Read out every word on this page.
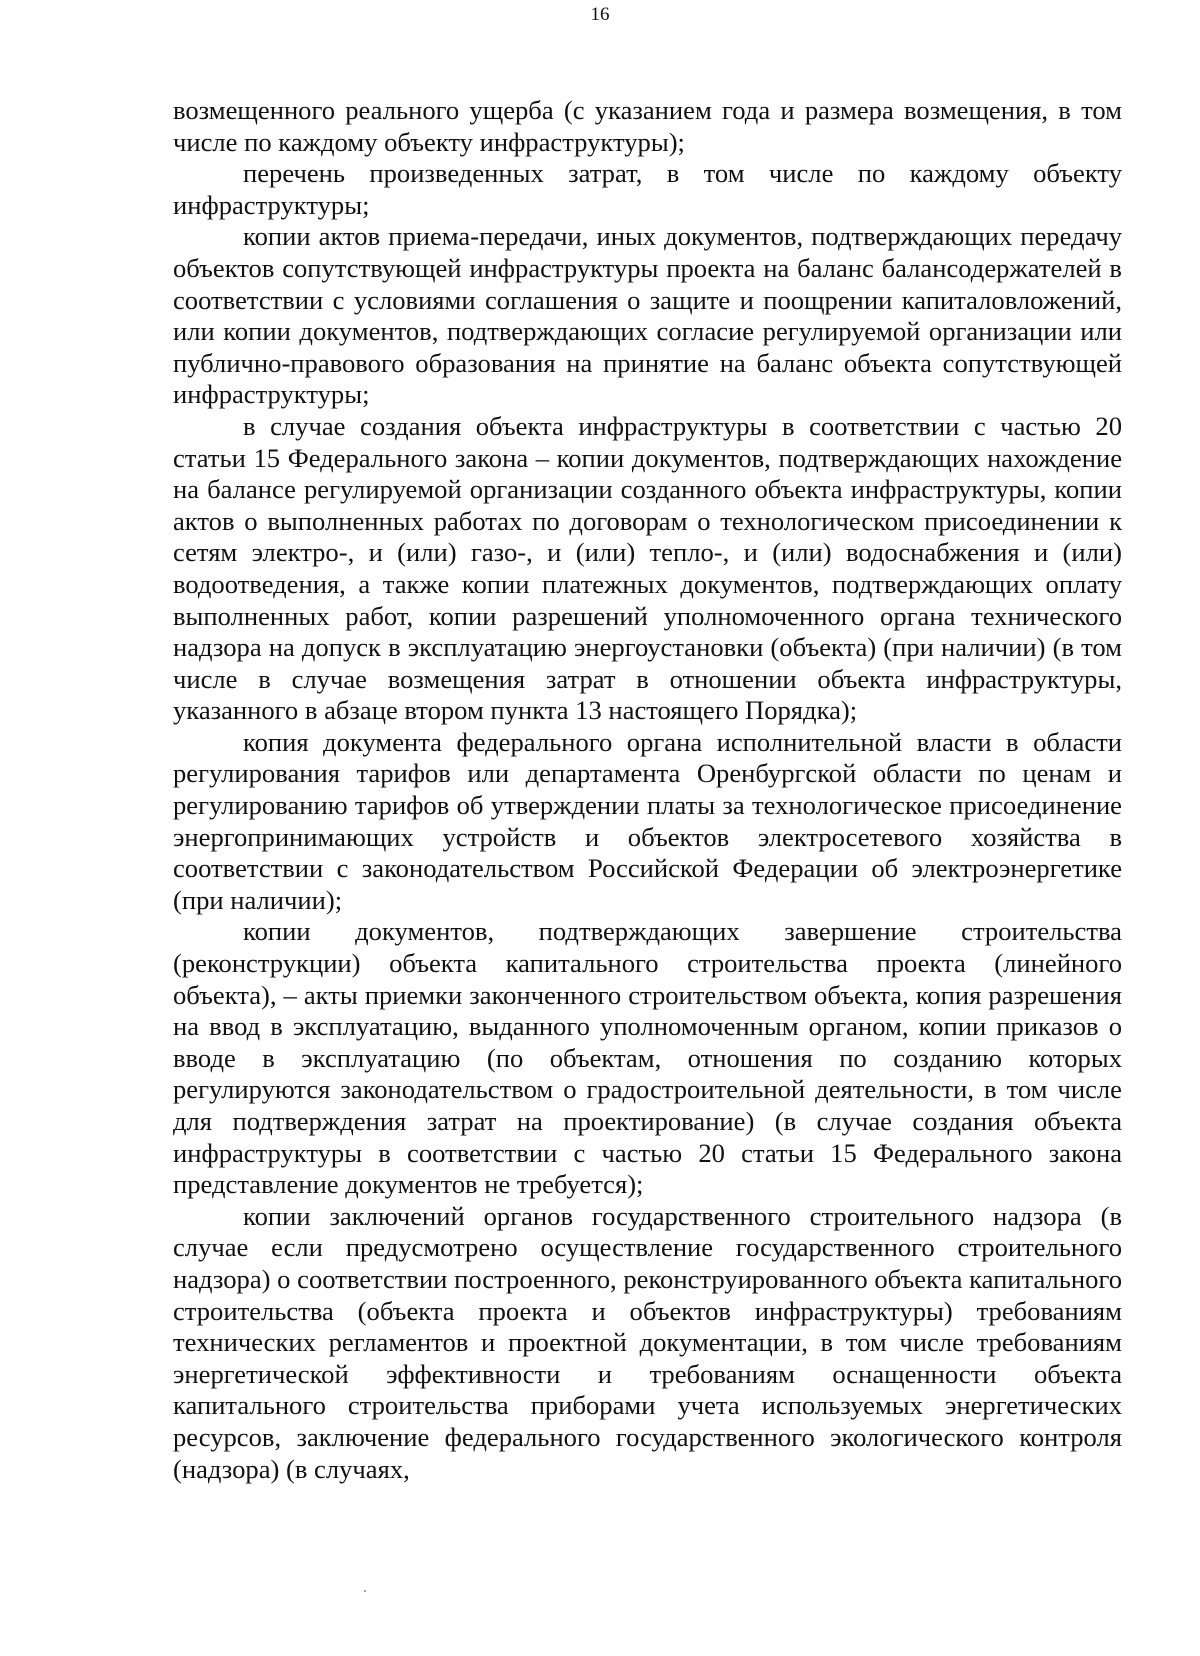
16

возмещенного реального ущерба (с указанием года и размера возмещения, в том числе по каждому объекту инфраструктуры);

перечень произведенных затрат, в том числе по каждому объекту инфраструктуры;

копии актов приема-передачи, иных документов, подтверждающих передачу объектов сопутствующей инфраструктуры проекта на баланс балансодержателей в соответствии с условиями соглашения о защите и поощрении капиталовложений, или копии документов, подтверждающих согласие регулируемой организации или публично-правового образования на принятие на баланс объекта сопутствующей инфраструктуры;

в случае создания объекта инфраструктуры в соответствии с частью 20 статьи 15 Федерального закона – копии документов, подтверждающих нахождение на балансе регулируемой организации созданного объекта инфраструктуры, копии актов о выполненных работах по договорам о технологическом присоединении к сетям электро-, и (или) газо-, и (или) тепло-, и (или) водоснабжения и (или) водоотведения, а также копии платежных документов, подтверждающих оплату выполненных работ, копии разрешений уполномоченного органа технического надзора на допуск в эксплуатацию энергоустановки (объекта) (при наличии) (в том числе в случае возмещения затрат в отношении объекта инфраструктуры, указанного в абзаце втором пункта 13 настоящего Порядка);

копия документа федерального органа исполнительной власти в области регулирования тарифов или департамента Оренбургской области по ценам и регулированию тарифов об утверждении платы за технологическое присоединение энергопринимающих устройств и объектов электросетевого хозяйства в соответствии с законодательством Российской Федерации об электроэнергетике (при наличии);

копии документов, подтверждающих завершение строительства (реконструкции) объекта капитального строительства проекта (линейного объекта), – акты приемки законченного строительством объекта, копия разрешения на ввод в эксплуатацию, выданного уполномоченным органом, копии приказов о вводе в эксплуатацию (по объектам, отношения по созданию которых регулируются законодательством о градостроительной деятельности, в том числе для подтверждения затрат на проектирование) (в случае создания объекта инфраструктуры в соответствии с частью 20 статьи 15 Федерального закона представление документов не требуется);

копии заключений органов государственного строительного надзора (в случае если предусмотрено осуществление государственного строительного надзора) о соответствии построенного, реконструированного объекта капитального строительства (объекта проекта и объектов инфраструктуры) требованиям технических регламентов и проектной документации, в том числе требованиям энергетической эффективности и требованиям оснащенности объекта капитального строительства приборами учета используемых энергетических ресурсов, заключение федерального государственного экологического контроля (надзора) (в случаях,
